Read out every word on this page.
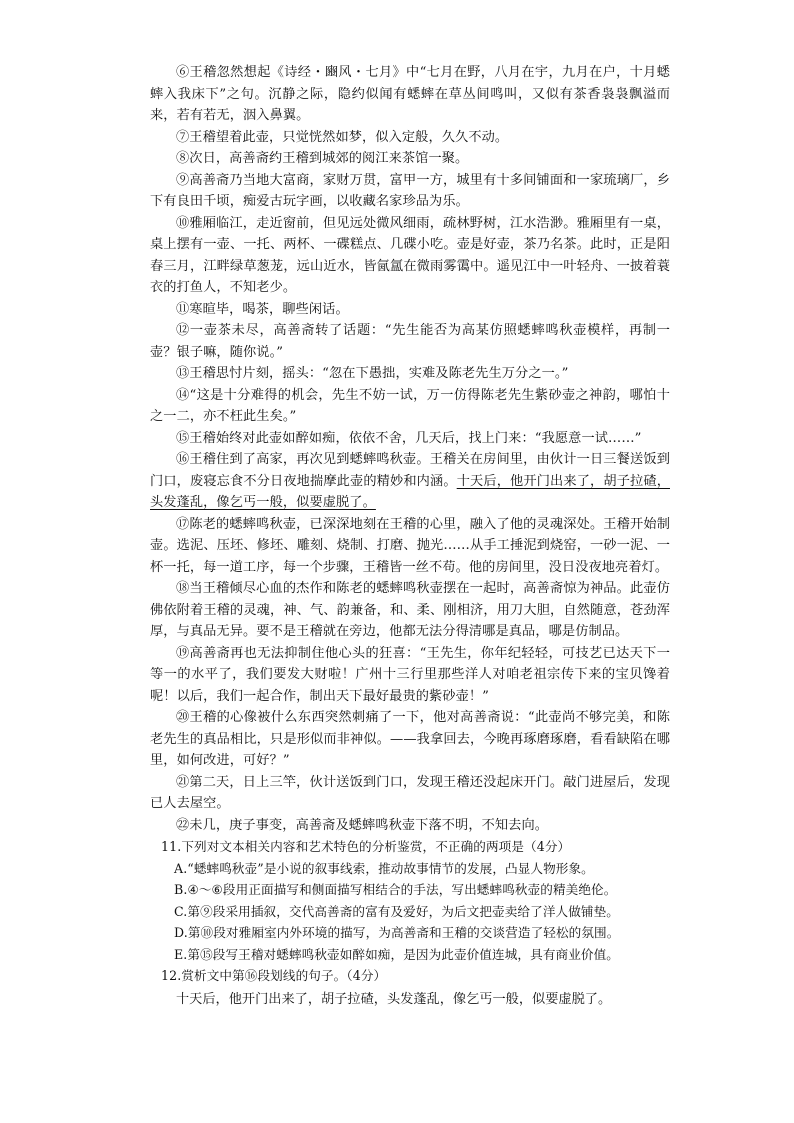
⑥王稽忽然想起《诗经・豳风・七月》中“七月在野，八月在宇，九月在户，十月蟋蟀入我床下”之句。沉静之际，隐约似闻有蟋蟀在草丛间鸣叫，又似有茶香袅袅飘溢而来，若有若无，洇入鼻翼。

⑦王稽望着此壶，只觉恍然如梦，似入定般，久久不动。

⑧次日，高善斋约王稽到城郊的阅江来茶馆一聚。

⑨高善斋乃当地大富商，家财万贯，富甲一方，城里有十多间铺面和一家琉璃厂，乡下有良田千顷，痴爱古玩字画，以收藏名家珍品为乐。

⑩雅厢临江，走近窗前，但见远处微风细雨，疏林野树，江水浩渺。雅厢里有一桌，桌上摆有一壶、一托、两杯、一碟糕点、几碟小吃。壶是好壶，茶乃名茶。此时，正是阳春三月，江畔绿草葱茏，远山近水，皆氤氲在微雨雾霭中。遥见江中一叶轻舟、一披着蓑衣的打鱼人，不知老少。

⑪寒暄毕，喝茶，聊些闲话。

⑫一壶茶未尽，高善斋转了话题：“先生能否为高某仿照蟋蟀鸣秋壶模样，再制一壶？银子嘛，随你说。”

⑬王稽思忖片刻，摇头：“忽在下愚拙，实难及陈老先生万分之一。”

⑭“这是十分难得的机会，先生不妨一试，万一仿得陈老先生紫砂壶之神韵，哪怕十之一二，亦不枉此生矣。”

⑮王稽始终对此壶如醉如痴，依依不舍，几天后，找上门来：“我愿意一试……”

⑯王稽住到了高家，再次见到蟋蟀鸣秋壶。王稽关在房间里，由伙计一日三餐送饭到门口，废寝忘食不分日夜地揣摩此壶的精妙和内涵。十天后，他开门出来了，胡子拉碴，头发蓬乱，像乞丐一般，似要虚脱了。

⑰陈老的蟋蟀鸣秋壶，已深深地刻在王稽的心里，融入了他的灵魂深处。王稽开始制壶。选泥、压坯、修坯、雕刻、烧制、打磨、抛光……从手工捶泥到烧窑，一砂一泥、一杯一托，每一道工序，每一个步骤，王稽皆一丝不苟。他的房间里，没日没夜地亮着灯。

⑱当王稽倾尽心血的杰作和陈老的蟋蟀鸣秋壶摆在一起时，高善斋惊为神品。此壶仿佛依附着王稽的灵魂，神、气、韵兼备，和、柔、刚相济，用刀大胆，自然随意，苍劲浑厚，与真品无异。要不是王稽就在旁边，他都无法分得清哪是真品，哪是仿制品。

⑲高善斋再也无法抑制住他心头的狂喜：“王先生，你年纪轻轻，可技艺已达天下一等一的水平了，我们要发大财啦！广州十三行里那些洋人对咱老祖宗传下来的宝贝馋着呢！以后，我们一起合作，制出天下最好最贵的紫砂壶！”

⑳王稽的心像被什么东西突然刺痛了一下，他对高善斋说：“此壶尚不够完美，和陈老先生的真品相比，只是形似而非神似。——我拿回去，今晚再琢磨琢磨，看看缺陷在哪里，如何改进，可好？”

㉑第二天，日上三竿，伙计送饭到门口，发现王稽还没起床开门。敲门进屋后，发现已人去屋空。

㉒未几，庚子事变，高善斋及蟋蟀鸣秋壶下落不明，不知去向。

11.下列对文本相关内容和艺术特色的分析鉴赏，不正确的两项是（4分）

A.“蟋蟀鸣秋壶”是小说的叙事线索，推动故事情节的发展，凸显人物形象。

B.④～⑥段用正面描写和侧面描写相结合的手法，写出蟋蟀鸣秋壶的精美绝伦。

C.第⑨段采用插叙，交代高善斋的富有及爱好，为后文把壶卖给了洋人做铺垫。

D.第⑩段对雅厢室内外环境的描写，为高善斋和王稽的交谈营造了轻松的氛围。

E.第⑮段写王稽对蟋蟀鸣秋壶如醉如痴，是因为此壶价值连城，具有商业价值。

12.赏析文中第⑯段划线的句子。（4分）

十天后，他开门出来了，胡子拉碴，头发蓬乱，像乞丐一般，似要虚脱了。
